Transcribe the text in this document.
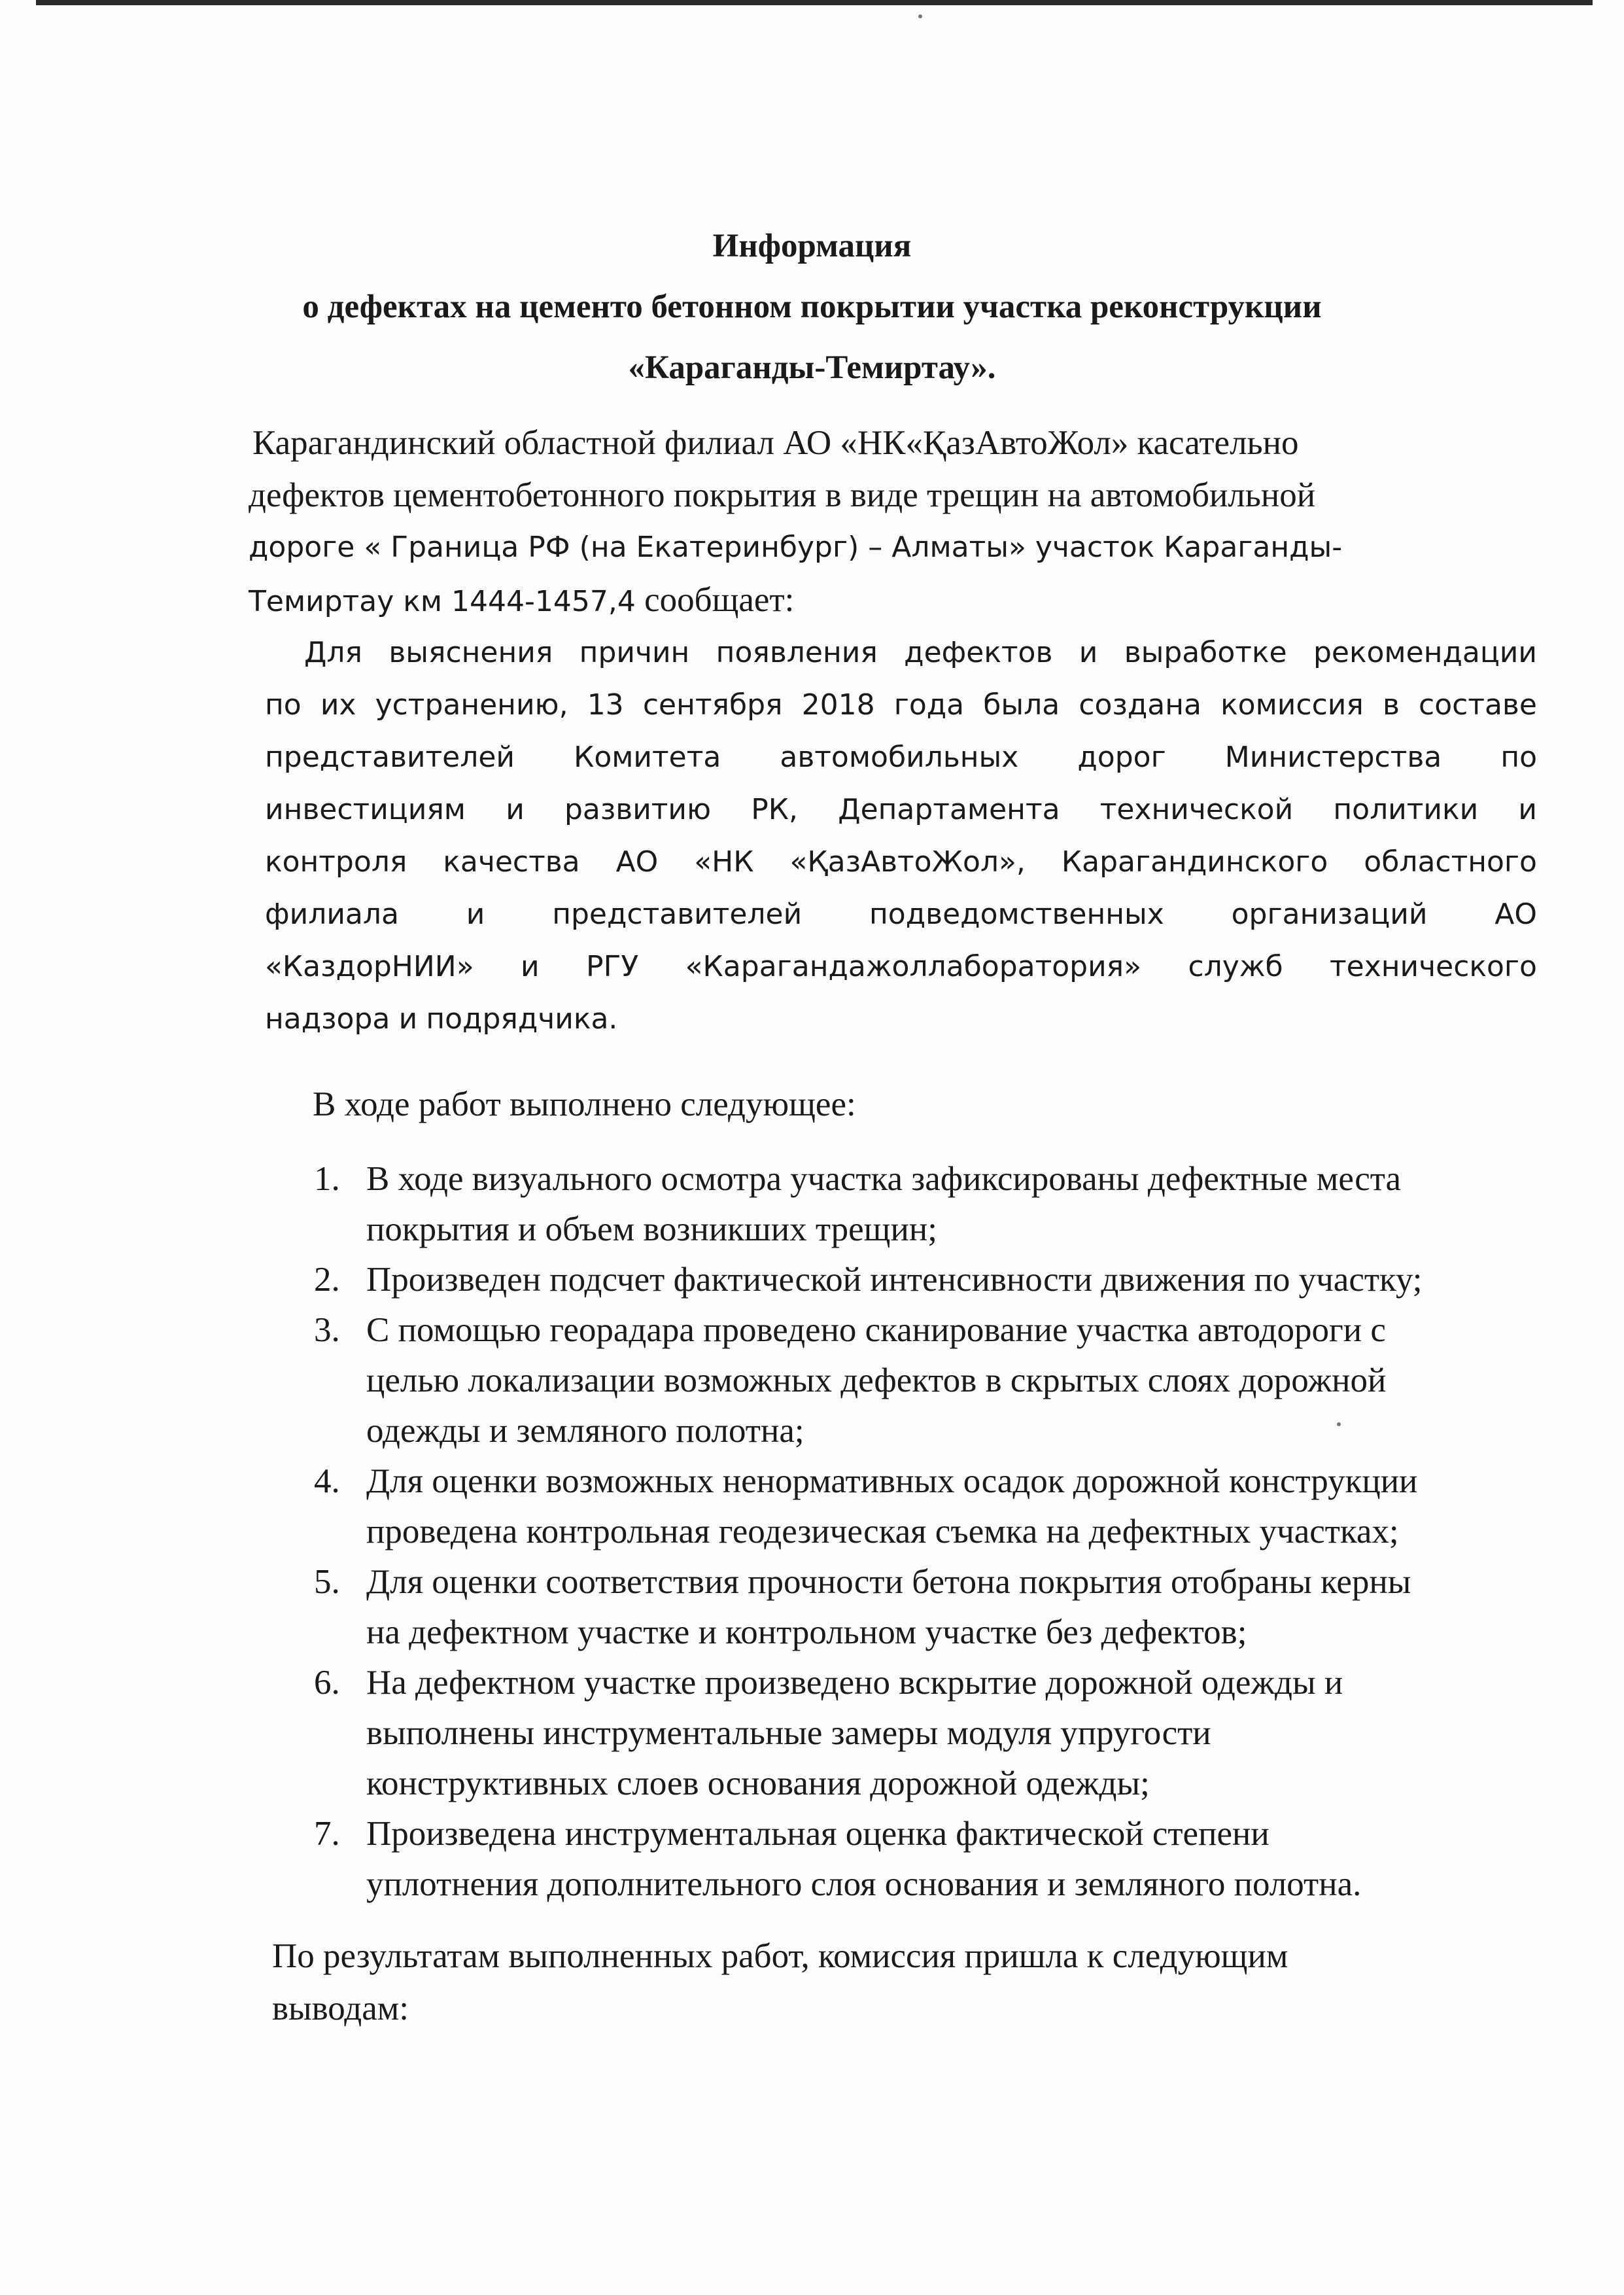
Информация
о дефектах на цементо бетонном покрытии участка реконструкции
«Караганды-Темиртау».
Карагандинский областной филиал АО «НК«ҚазАвтоЖол» касательно
дефектов цементобетонного покрытия в виде трещин на автомобильной
дороге « Граница РФ (на Екатеринбург) – Алматы» участок Караганды-
Темиртау км 1444-1457,4 сообщает:
Для выяснения причин появления дефектов и выработке рекомендации
по их устранению, 13 сентября 2018 года была создана комиссия в составе
представителей Комитета автомобильных дорог Министерства по
инвестициям и развитию РК, Департамента технической политики и
контроля качества АО «НК «ҚазАвтоЖол», Карагандинского областного
филиала и представителей подведомственных организаций АО
«КаздорНИИ» и РГУ «Карагандажоллаборатория» служб технического
надзора и подрядчика.
В ходе работ выполнено следующее:
1. В ходе визуального осмотра участка зафиксированы дефектные места
покрытия и объем возникших трещин;
2. Произведен подсчет фактической интенсивности движения по участку;
3. С помощью георадара проведено сканирование участка автодороги с
целью локализации возможных дефектов в скрытых слоях дорожной
одежды и земляного полотна;
4. Для оценки возможных ненормативных осадок дорожной конструкции
проведена контрольная геодезическая съемка на дефектных участках;
5. Для оценки соответствия прочности бетона покрытия отобраны керны
на дефектном участке и контрольном участке без дефектов;
6. На дефектном участке произведено вскрытие дорожной одежды и
выполнены инструментальные замеры модуля упругости
конструктивных слоев основания дорожной одежды;
7. Произведена инструментальная оценка фактической степени
уплотнения дополнительного слоя основания и земляного полотна.
По результатам выполненных работ, комиссия пришла к следующим
выводам:
